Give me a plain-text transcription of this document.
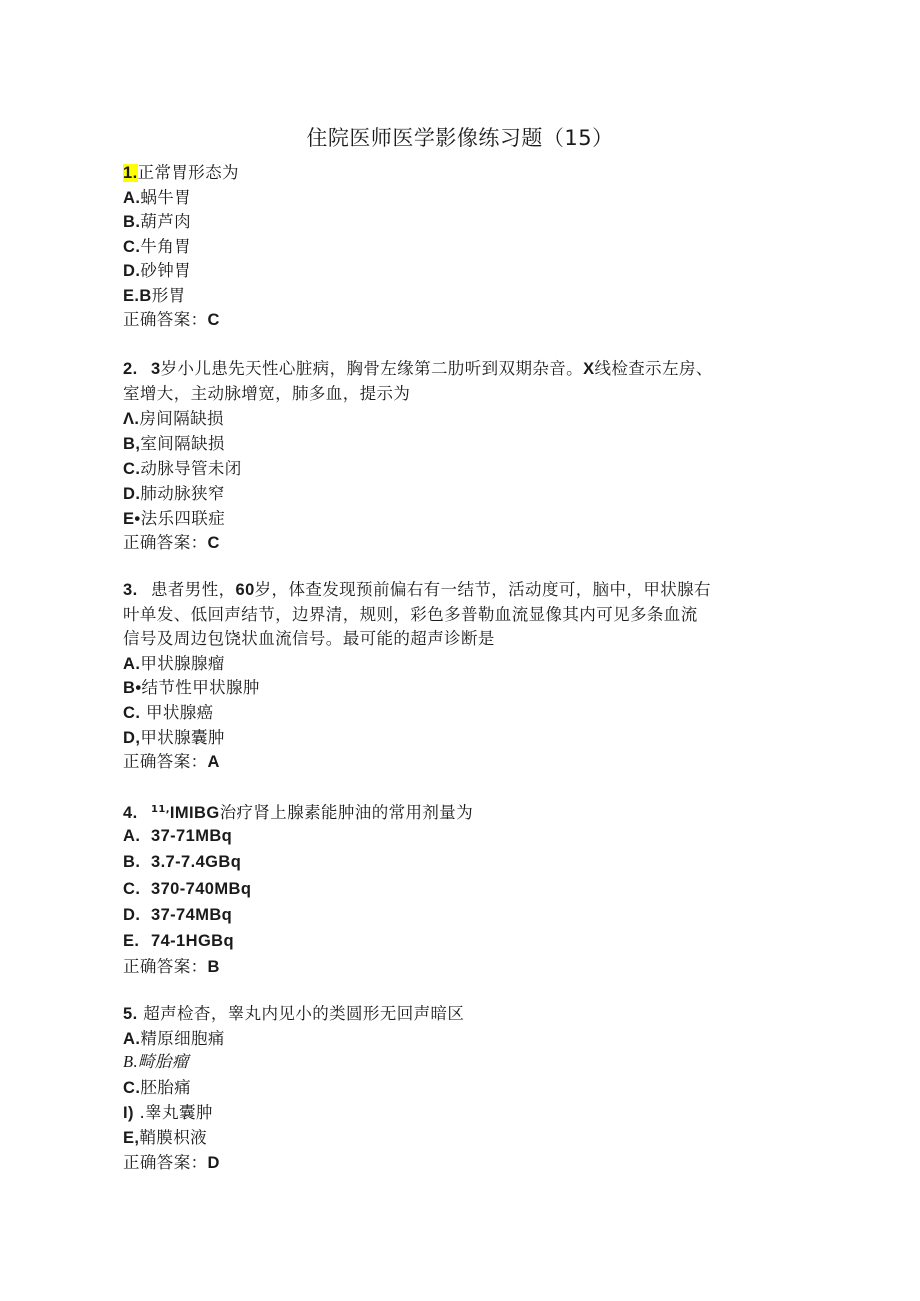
住院医师医学影像练习题（15）
1.正常胃形态为
A.蜗牛胃
B.葫芦肉
C.牛角胃
D.砂钟胃
E.B形胃
正确答案：C
2. 3岁小儿患先天性心脏病，胸骨左缘第二肋听到双期杂音。X线检查示左房、
室增大，主动脉增宽，肺多血，提示为
Λ.房间隔缺损
B,室间隔缺损
C.动脉导管未闭
D.肺动脉狭窄
E•法乐四联症
正确答案：C
3. 患者男性，60岁，体查发现预前偏右有一结节，活动度可，脑中，甲状腺右
叶单发、低回声结节，边界清，规则，彩色多普勒血流显像其内可见多条血流
信号及周边包饶状血流信号。最可能的超声诊断是
A.甲状腺腺瘤
B•结节性甲状腺肿
C. 甲状腺癌
D,甲状腺囊肿
正确答案：A
4. $^{11,}$IMIBG治疗肾上腺素能肿油的常用剂量为
A. 37-71MBq
B. 3.7-7.4GBq
C. 370-740MBq
D. 37-74MBq
E. 74-1HGBq
正确答案：B
5. 超声检杳，睾丸内见小的类圆形无回声暗区
A.精原细胞痛
B.畸胎瘤
C.胚胎痛
I) .睾丸囊肿
E,鞘膜枳液
正确答案：D
